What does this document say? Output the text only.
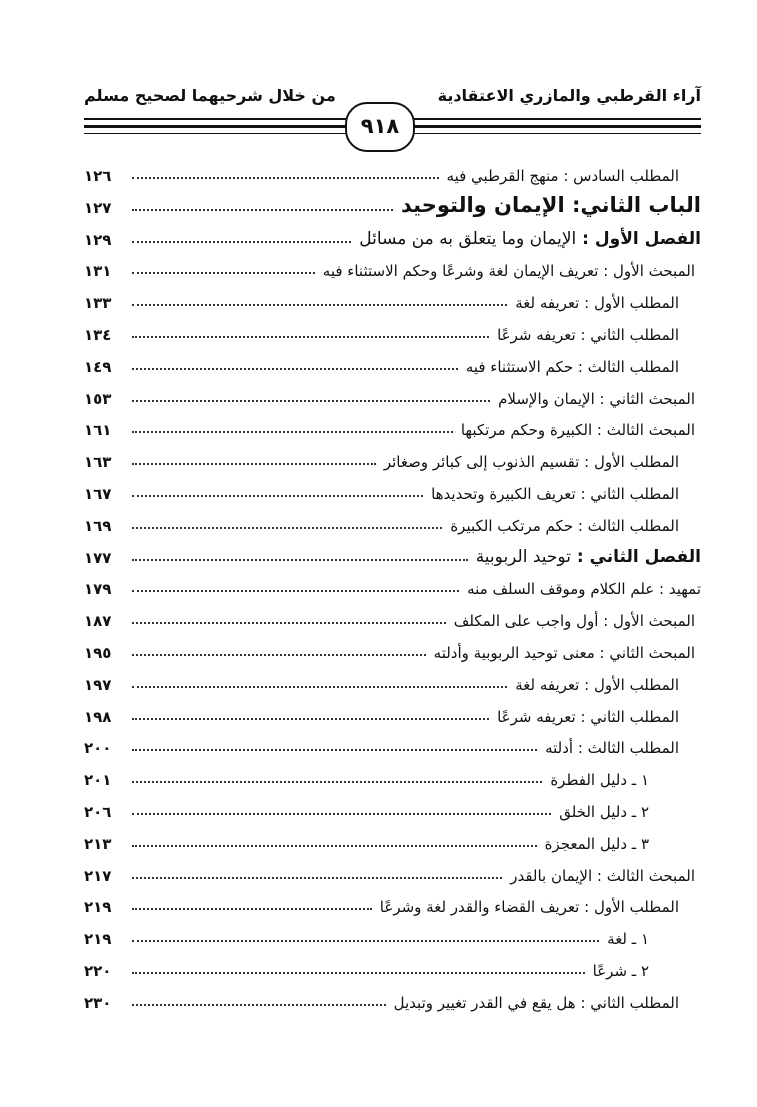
آراء القرطبي والمازري الاعتقادية
من خلال شرحيهما لصحيح مسلم
٩١٨
المطلب السادس : منهج القرطبي فيه
١٢٦
الباب الثاني: الإيمان والتوحيد
١٢٧
الفصل الأول : الإيمان وما يتعلق به من مسائل
١٢٩
المبحث الأول : تعريف الإيمان لغة وشرعًا وحكم الاستثناء فيه
١٣١
المطلب الأول : تعريفه لغة
١٣٣
المطلب الثاني : تعريفه شرعًا
١٣٤
المطلب الثالث : حكم الاستثناء فيه
١٤٩
المبحث الثاني : الإيمان والإسلام
١٥٣
المبحث الثالث : الكبيرة وحكم مرتكبها
١٦١
المطلب الأول : تقسيم الذنوب إلى كبائر وصغائر
١٦٣
المطلب الثاني : تعريف الكبيرة وتحديدها
١٦٧
المطلب الثالث : حكم مرتكب الكبيرة
١٦٩
الفصل الثاني : توحيد الربوبية
١٧٧
تمهيد : علم الكلام وموقف السلف منه
١٧٩
المبحث الأول : أول واجب على المكلف
١٨٧
المبحث الثاني : معنى توحيد الربوبية وأدلته
١٩٥
المطلب الأول : تعريفه لغة
١٩٧
المطلب الثاني : تعريفه شرعًا
١٩٨
المطلب الثالث : أدلته
٢٠٠
١ ـ دليل الفطرة
٢٠١
٢ ـ دليل الخلق
٢٠٦
٣ ـ دليل المعجزة
٢١٣
المبحث الثالث : الإيمان بالقدر
٢١٧
المطلب الأول : تعريف القضاء والقدر لغة وشرعًا
٢١٩
١ ـ لغة
٢١٩
٢ ـ شرعًا
٢٢٠
المطلب الثاني : هل يقع في القدر تغيير وتبديل
٢٣٠
